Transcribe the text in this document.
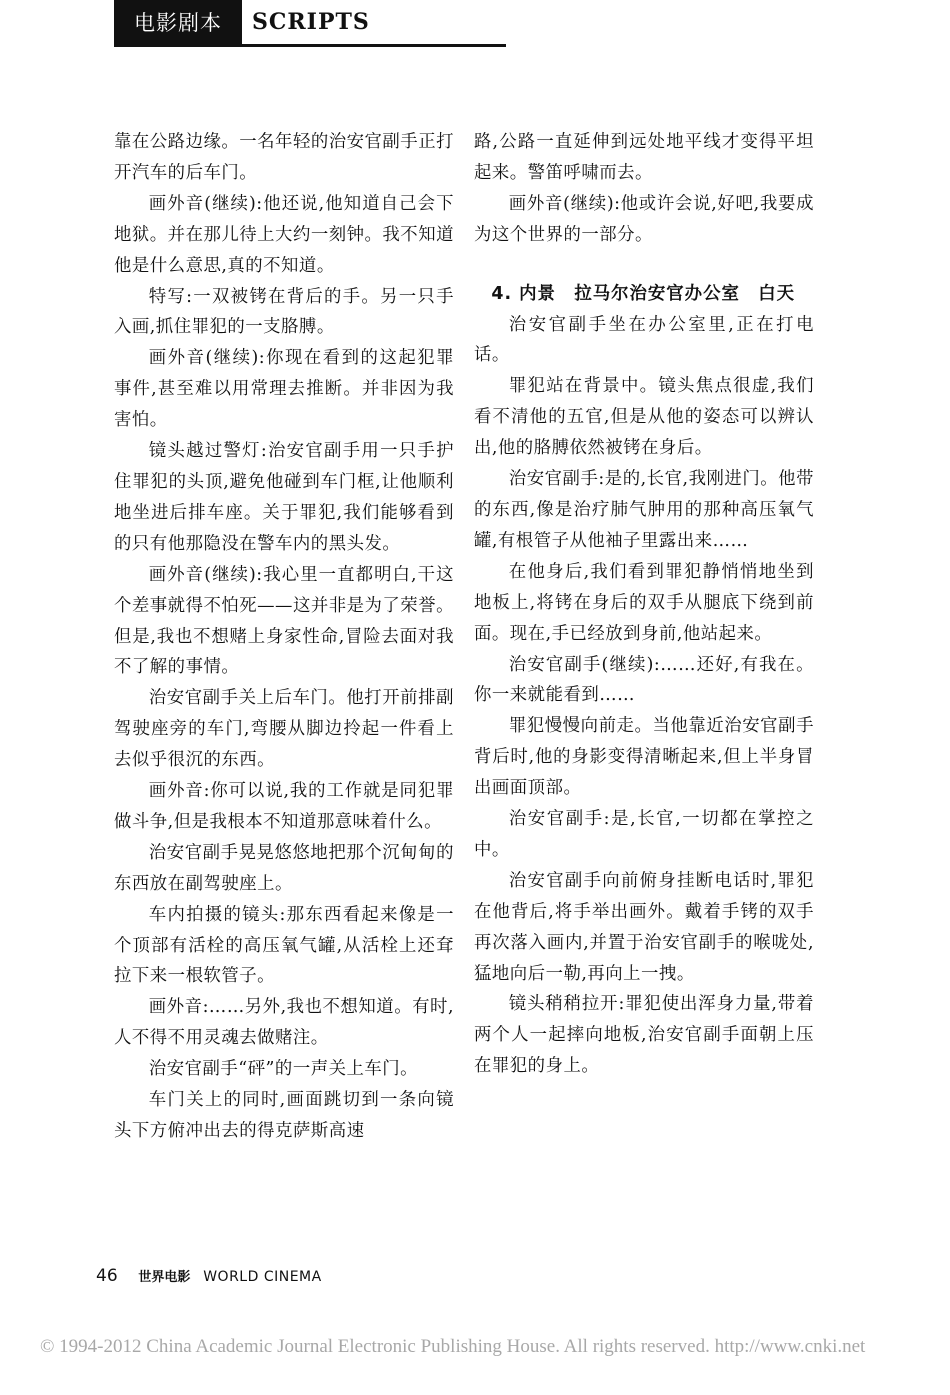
电影剧本	SCRIPTS

靠在公路边缘。一名年轻的治安官副手正打开汽车的后车门。

画外音(继续):他还说,他知道自己会下地狱。并在那儿待上大约一刻钟。我不知道他是什么意思,真的不知道。

特写:一双被铐在背后的手。另一只手入画,抓住罪犯的一支胳膊。

画外音(继续):你现在看到的这起犯罪事件,甚至难以用常理去推断。并非因为我害怕。

镜头越过警灯:治安官副手用一只手护住罪犯的头顶,避免他碰到车门框,让他顺利地坐进后排车座。关于罪犯,我们能够看到的只有他那隐没在警车内的黑头发。

画外音(继续):我心里一直都明白,干这个差事就得不怕死——这并非是为了荣誉。但是,我也不想赌上身家性命,冒险去面对我不了解的事情。

治安官副手关上后车门。他打开前排副驾驶座旁的车门,弯腰从脚边拎起一件看上去似乎很沉的东西。

画外音:你可以说,我的工作就是同犯罪做斗争,但是我根本不知道那意味着什么。

治安官副手晃晃悠悠地把那个沉甸甸的东西放在副驾驶座上。

车内拍摄的镜头:那东西看起来像是一个顶部有活栓的高压氧气罐,从活栓上还耷拉下来一根软管子。

画外音:……另外,我也不想知道。有时,人不得不用灵魂去做赌注。

治安官副手“砰”的一声关上车门。

车门关上的同时,画面跳切到一条向镜头下方俯冲出去的得克萨斯高速

路,公路一直延伸到远处地平线才变得平坦起来。警笛呼啸而去。

画外音(继续):他或许会说,好吧,我要成为这个世界的一部分。

4. 内景　拉马尔治安官办公室　白天

治安官副手坐在办公室里,正在打电话。

罪犯站在背景中。镜头焦点很虚,我们看不清他的五官,但是从他的姿态可以辨认出,他的胳膊依然被铐在身后。

治安官副手:是的,长官,我刚进门。他带的东西,像是治疗肺气肿用的那种高压氧气罐,有根管子从他袖子里露出来……

在他身后,我们看到罪犯静悄悄地坐到地板上,将铐在身后的双手从腿底下绕到前面。现在,手已经放到身前,他站起来。

治安官副手(继续):……还好,有我在。你一来就能看到……

罪犯慢慢向前走。当他靠近治安官副手背后时,他的身影变得清晰起来,但上半身冒出画面顶部。

治安官副手:是,长官,一切都在掌控之中。

治安官副手向前俯身挂断电话时,罪犯在他背后,将手举出画外。戴着手铐的双手再次落入画内,并置于治安官副手的喉咙处,猛地向后一勒,再向上一拽。

镜头稍稍拉开:罪犯使出浑身力量,带着两个人一起摔向地板,治安官副手面朝上压在罪犯的身上。

46 世界电影 WORLD CINEMA
© 1994-2012 China Academic Journal Electronic Publishing House. All rights reserved. http://www.cnki.net
